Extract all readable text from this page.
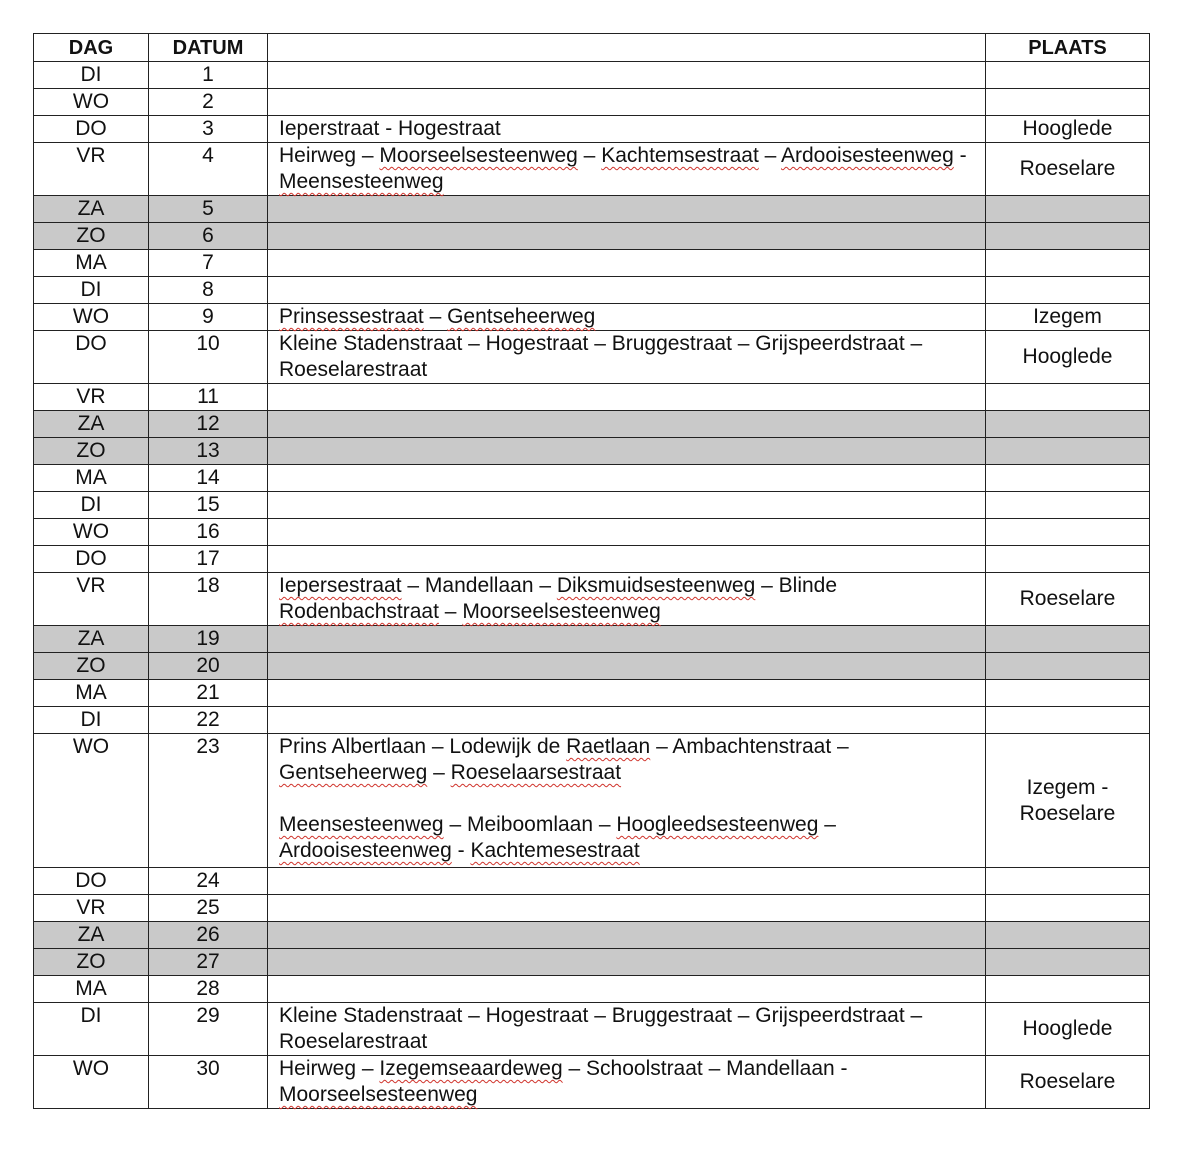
DAG	DATUM		PLAATS
DI	1		
WO	2		
DO	3	Ieperstraat - Hogestraat	Hooglede
VR	4	Heirweg – Moorseelsesteenweg – Kachtemsestraat – Ardooisesteenweg - Meensesteenweg	Roeselare
ZA	5		
ZO	6		
MA	7		
DI	8		
WO	9	Prinsessestraat – Gentseheerweg	Izegem
DO	10	Kleine Stadenstraat – Hogestraat – Bruggestraat – Grijspeerdstraat – Roeselarestraat	Hooglede
VR	11		
ZA	12		
ZO	13		
MA	14		
DI	15		
WO	16		
DO	17		
VR	18	Iepersestraat – Mandellaan – Diksmuidsesteenweg – Blinde Rodenbachstraat – Moorseelsesteenweg	Roeselare
ZA	19		
ZO	20		
MA	21		
DI	22		
WO	23	Prins Albertlaan – Lodewijk de Raetlaan – Ambachtenstraat – Gentseheerweg – Roeselaarsestraat
Meensesteenweg – Meiboomlaan – Hoogleedsesteenweg – Ardooisesteenweg - Kachtemesestraat	Izegem - Roeselare
DO	24		
VR	25		
ZA	26		
ZO	27		
MA	28		
DI	29	Kleine Stadenstraat – Hogestraat – Bruggestraat – Grijspeerdstraat – Roeselarestraat	Hooglede
WO	30	Heirweg – Izegemseaardeweg – Schoolstraat – Mandellaan - Moorseelsesteenweg	Roeselare
